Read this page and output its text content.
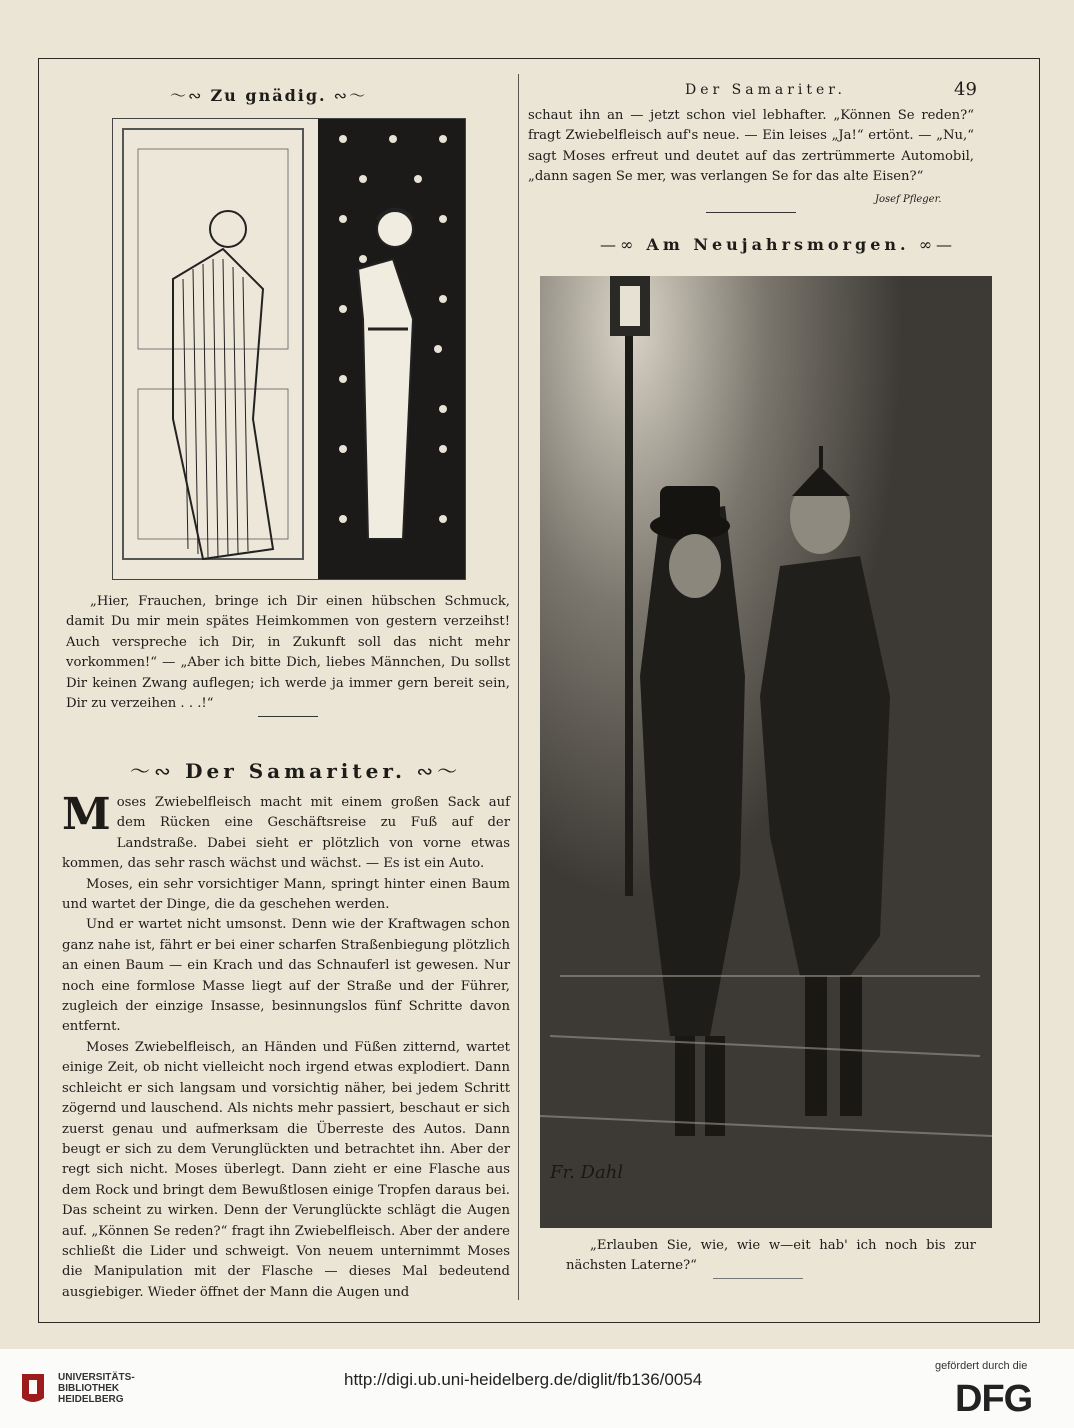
〜∾ Zu gnädig. ∾〜	Der Samariter.	49

„Hier, Frauchen, bringe ich Dir einen hübschen Schmuck, damit Du mir mein spätes Heimkommen von gestern verzeihst! Auch verspreche ich Dir, in Zukunft soll das nicht mehr vorkommen!“ — „Aber ich bitte Dich, liebes Männchen, Du sollst Dir keinen Zwang auflegen; ich werde ja immer gern bereit sein, Dir zu verzeihen . . .!“

〜∾ Der Samariter. ∾〜

Moses Zwiebelfleisch macht mit einem großen Sack auf dem Rücken eine Geschäftsreise zu Fuß auf der Landstraße. Dabei sieht er plötzlich von vorne etwas kommen, das sehr rasch wächst und wächst. — Es ist ein Auto.

Moses, ein sehr vorsichtiger Mann, springt hinter einen Baum und wartet der Dinge, die da geschehen werden.

Und er wartet nicht umsonst. Denn wie der Kraftwagen schon ganz nahe ist, fährt er bei einer scharfen Straßenbiegung plötzlich an einen Baum — ein Krach und das Schnauferl ist gewesen. Nur noch eine formlose Masse liegt auf der Straße und der Führer, zugleich der einzige Insasse, besinnungslos fünf Schritte davon entfernt.

Moses Zwiebelfleisch, an Händen und Füßen zitternd, wartet einige Zeit, ob nicht vielleicht noch irgend etwas explodiert. Dann schleicht er sich langsam und vorsichtig näher, bei jedem Schritt zögernd und lauschend. Als nichts mehr passiert, beschaut er sich zuerst genau und aufmerksam die Überreste des Autos. Dann beugt er sich zu dem Verunglückten und betrachtet ihn. Aber der regt sich nicht. Moses überlegt. Dann zieht er eine Flasche aus dem Rock und bringt dem Bewußtlosen einige Tropfen daraus bei. Das scheint zu wirken. Denn der Verunglückte schlägt die Augen auf. „Können Se reden?“ fragt ihn Zwiebelfleisch. Aber der andere schließt die Lider und schweigt. Von neuem unternimmt Moses die Manipulation mit der Flasche — dieses Mal bedeutend ausgiebiger. Wieder öffnet der Mann die Augen und

schaut ihn an — jetzt schon viel lebhafter. „Können Se reden?“ fragt Zwiebelfleisch auf's neue. — Ein leises „Ja!“ ertönt. — „Nu,“ sagt Moses erfreut und deutet auf das zertrümmerte Automobil, „dann sagen Se mer, was verlangen Se for das alte Eisen?“

Josef Pfleger.
—∞ Am Neujahrsmorgen. ∞—
Fr. Dahl

„Erlauben Sie, wie, wie w—eit hab' ich noch bis zur nächsten Laterne?“

UNIVERSITÄTS-
BIBLIOTHEK
HEIDELBERG
http://digi.ub.uni-heidelberg.de/diglit/fb136/0054
gefördert durch die
DFG
